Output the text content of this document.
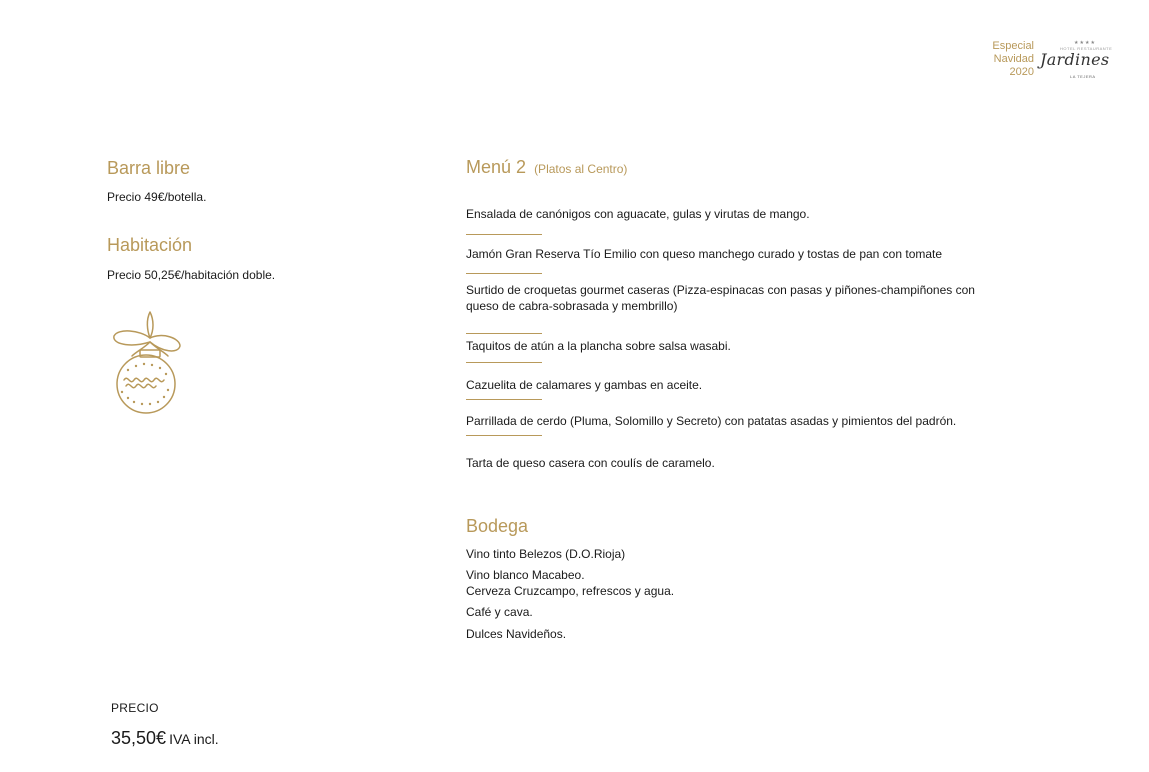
Especial
Navidad
2020
★★★★
HOTEL RESTAURANTE
Jardines
LA TEJERA
Barra libre
Precio 49€/botella.
Habitación
Precio 50,25€/habitación doble.
Menú 2 (Platos al Centro)
Ensalada de canónigos con aguacate, gulas y virutas de mango.
Jamón Gran Reserva Tío Emilio con queso manchego curado y tostas de pan con tomate
Surtido de croquetas gourmet caseras (Pizza-espinacas con pasas y piñones-champiñones con queso de cabra-sobrasada y membrillo)
Taquitos de atún a la plancha sobre salsa wasabi.
Cazuelita de calamares y gambas en aceite.
Parrillada de cerdo (Pluma, Solomillo y Secreto) con patatas asadas y pimientos del padrón.
Tarta de queso casera con coulís de caramelo.
Bodega
Vino tinto Belezos (D.O.Rioja)
Vino blanco Macabeo.
Cerveza Cruzcampo, refrescos y agua.
Café y cava.
Dulces Navideños.
PRECIO
35,50€ IVA incl.
